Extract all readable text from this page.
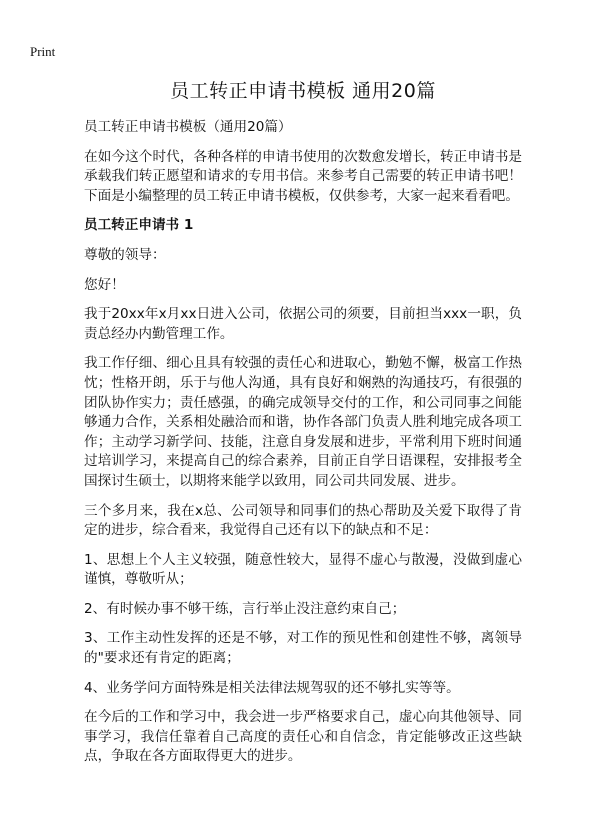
Print
员工转正申请书模板 通用20篇

员工转正申请书模板（通用20篇）

在如今这个时代，各种各样的申请书使用的次数愈发增长，转正申请书是承载我们转正愿望和请求的专用书信。来参考自己需要的转正申请书吧！下面是小编整理的员工转正申请书模板，仅供参考，大家一起来看看吧。

员工转正申请书 1

尊敬的领导：

您好！

我于20xx年x月xx日进入公司，依据公司的须要，目前担当xxx一职，负责总经办内勤管理工作。

我工作仔细、细心且具有较强的责任心和进取心，勤勉不懈，极富工作热忱；性格开朗，乐于与他人沟通，具有良好和娴熟的沟通技巧，有很强的团队协作实力；责任感强，的确完成领导交付的工作，和公司同事之间能够通力合作，关系相处融洽而和谐，协作各部门负责人胜利地完成各项工作；主动学习新学问、技能，注意自身发展和进步，平常利用下班时间通过培训学习，来提高自己的综合素养，目前正自学日语课程，安排报考全国探讨生硕士，以期将来能学以致用，同公司共同发展、进步。

三个多月来，我在x总、公司领导和同事们的热心帮助及关爱下取得了肯定的进步，综合看来，我觉得自己还有以下的缺点和不足：

1、思想上个人主义较强，随意性较大，显得不虚心与散漫，没做到虚心谨慎，尊敬听从；

2、有时候办事不够干练，言行举止没注意约束自己；

3、工作主动性发挥的还是不够，对工作的预见性和创建性不够，离领导的"要求还有肯定的距离；

4、业务学问方面特殊是相关法律法规驾驭的还不够扎实等等。

在今后的工作和学习中，我会进一步严格要求自己，虚心向其他领导、同事学习，我信任靠着自己高度的责任心和自信念，肯定能够改正这些缺点，争取在各方面取得更大的进步。
